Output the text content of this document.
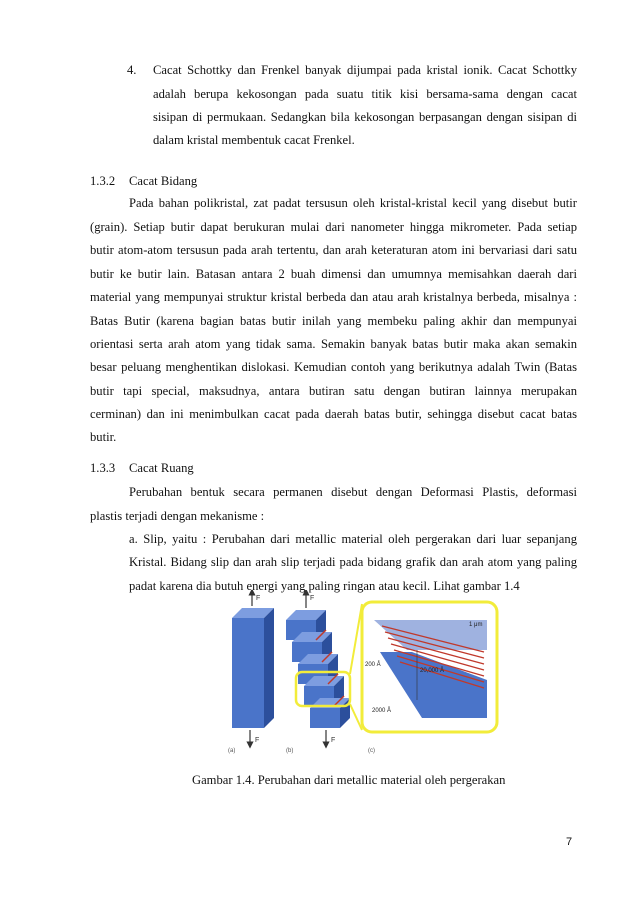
4. Cacat Schottky dan Frenkel banyak dijumpai pada kristal ionik. Cacat Schottky
adalah berupa kekosongan pada suatu titik kisi bersama-sama dengan cacat
sisipan di permukaan. Sedangkan bila kekosongan berpasangan dengan sisipan di
dalam kristal membentuk cacat Frenkel.
1.3.2 Cacat Bidang
Pada bahan polikristal, zat padat tersusun oleh kristal-kristal kecil yang disebut butir
(grain). Setiap butir dapat berukuran mulai dari nanometer hingga mikrometer. Pada setiap
butir atom-atom tersusun pada arah tertentu, dan arah keteraturan atom ini bervariasi dari satu
butir ke butir lain. Batasan antara 2 buah dimensi dan umumnya memisahkan daerah dari
material yang mempunyai struktur kristal berbeda dan atau arah kristalnya berbeda, misalnya :
Batas Butir (karena bagian batas butir inilah yang membeku paling akhir dan mempunyai
orientasi serta arah atom yang tidak sama. Semakin banyak batas butir maka akan semakin
besar peluang menghentikan dislokasi. Kemudian contoh yang berikutnya adalah Twin (Batas
butir tapi special, maksudnya, antara butiran satu dengan butiran lainnya merupakan
cerminan) dan ini menimbulkan cacat pada daerah batas butir, sehingga disebut cacat batas
butir.
1.3.3 Cacat Ruang
Perubahan bentuk secara permanen disebut dengan Deformasi Plastis, deformasi
plastis terjadi dengan mekanisme :
a. Slip, yaitu : Perubahan dari metallic material oleh pergerakan dari luar sepanjang
Kristal. Bidang slip dan arah slip terjadi pada bidang grafik dan arah atom yang paling
padat karena dia butuh energi yang paling ringan atau kecil. Lihat gambar 1.4
F
F
(a)
F
F
(b)
1 μm
20,000 Å
200 Å
2000 Å
(c)
Gambar 1.4. Perubahan dari metallic material oleh pergerakan
7
